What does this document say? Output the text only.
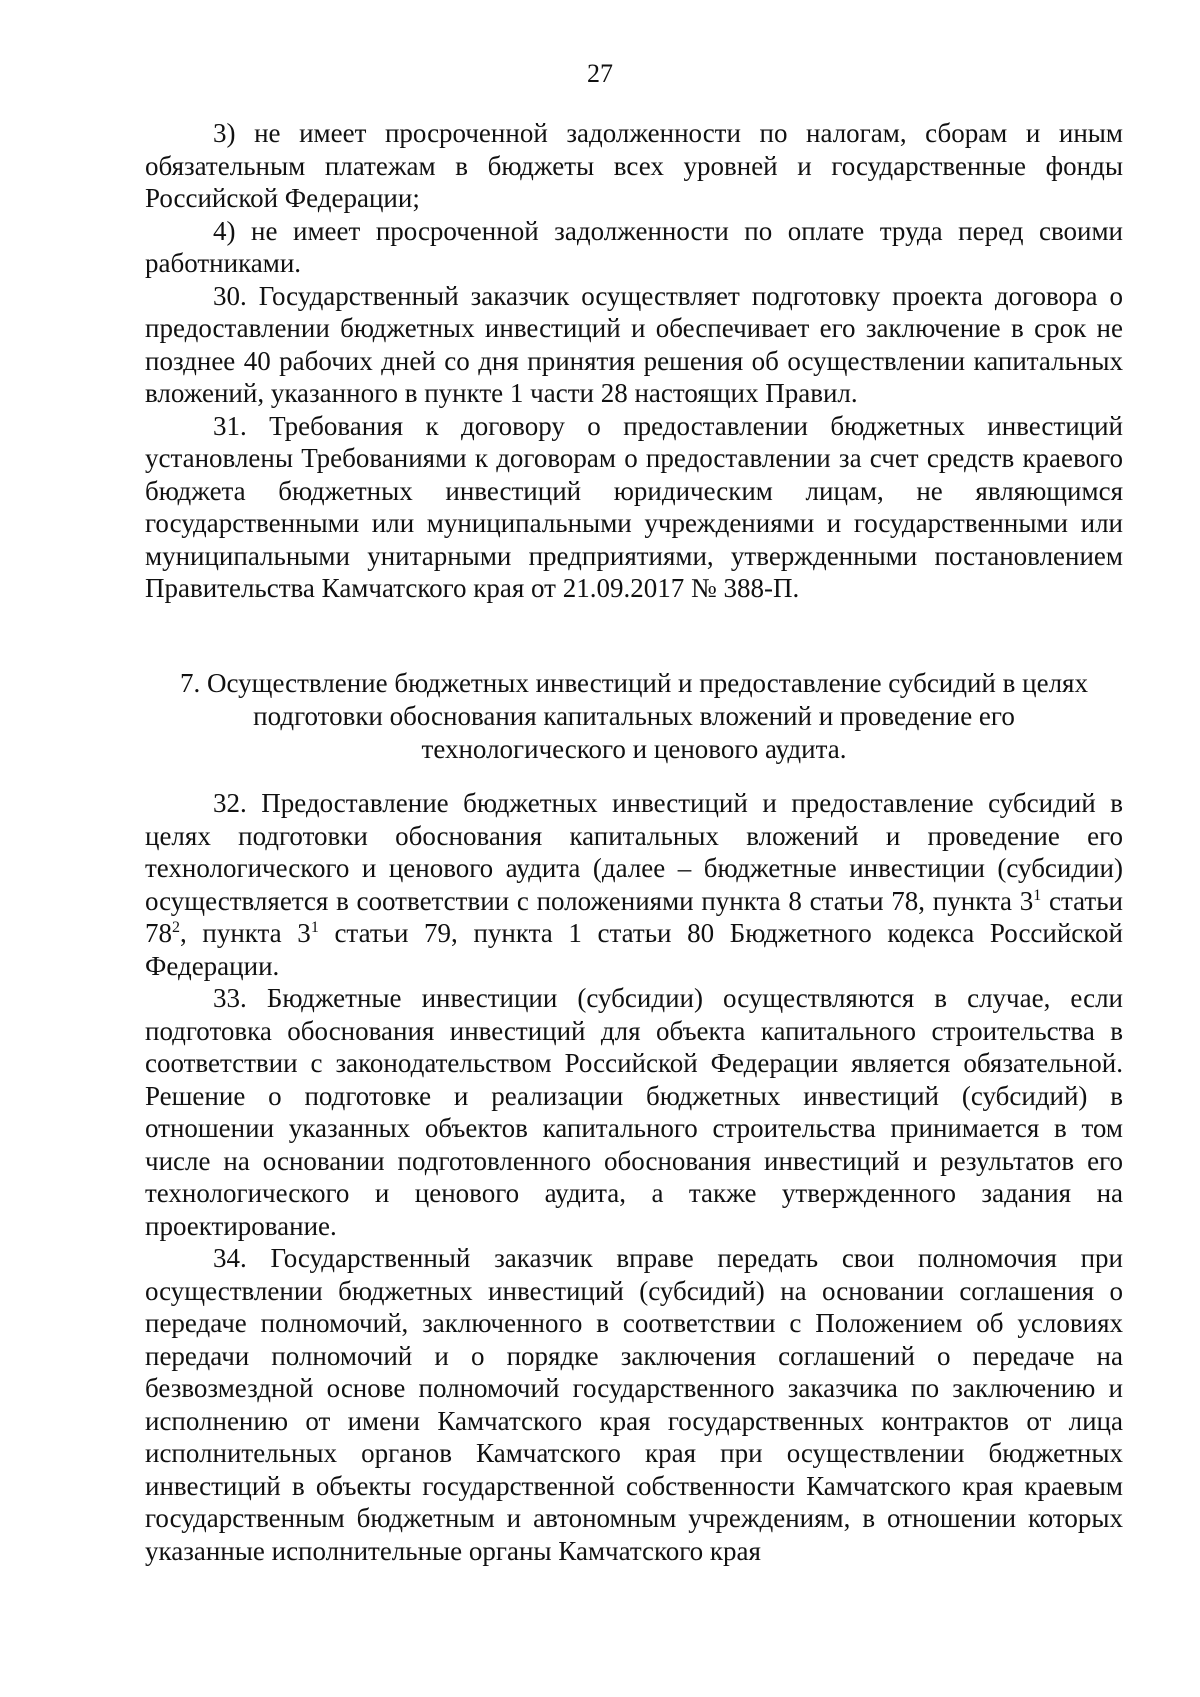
27

3) не имеет просроченной задолженности по налогам, сборам и иным обязательным платежам в бюджеты всех уровней и государственные фонды Российской Федерации;

4) не имеет просроченной задолженности по оплате труда перед своими работниками.

30. Государственный заказчик осуществляет подготовку проекта договора о предоставлении бюджетных инвестиций и обеспечивает его заключение в срок не позднее 40 рабочих дней со дня принятия решения об осуществлении капитальных вложений, указанного в пункте 1 части 28 настоящих Правил.

31. Требования к договору о предоставлении бюджетных инвестиций установлены Требованиями к договорам о предоставлении за счет средств краевого бюджета бюджетных инвестиций юридическим лицам, не являющимся государственными или муниципальными учреждениями и государственными или муниципальными унитарными предприятиями, утвержденными постановлением Правительства Камчатского края от 21.09.2017 № 388-П.

7. Осуществление бюджетных инвестиций и предоставление субсидий в целях
подготовки обоснования капитальных вложений и проведение его
технологического и ценового аудита.

32. Предоставление бюджетных инвестиций и предоставление субсидий в целях подготовки обоснования капитальных вложений и проведение его технологического и ценового аудита (далее – бюджетные инвестиции (субсидии) осуществляется в соответствии с положениями пункта 8 статьи 78, пункта $3^1$ статьи $78^2$, пункта $3^1$ статьи 79, пункта 1 статьи 80 Бюджетного кодекса Российской Федерации.

33. Бюджетные инвестиции (субсидии) осуществляются в случае, если подготовка обоснования инвестиций для объекта капитального строительства в соответствии с законодательством Российской Федерации является обязательной. Решение о подготовке и реализации бюджетных инвестиций (субсидий) в отношении указанных объектов капитального строительства принимается в том числе на основании подготовленного обоснования инвестиций и результатов его технологического и ценового аудита, а также утвержденного задания на проектирование.

34. Государственный заказчик вправе передать свои полномочия при осуществлении бюджетных инвестиций (субсидий) на основании соглашения о передаче полномочий, заключенного в соответствии с Положением об условиях передачи полномочий и о порядке заключения соглашений о передаче на безвозмездной основе полномочий государственного заказчика по заключению и исполнению от имени Камчатского края государственных контрактов от лица исполнительных органов Камчатского края при осуществлении бюджетных инвестиций в объекты государственной собственности Камчатского края краевым государственным бюджетным и автономным учреждениям, в отношении которых указанные исполнительные органы Камчатского края
